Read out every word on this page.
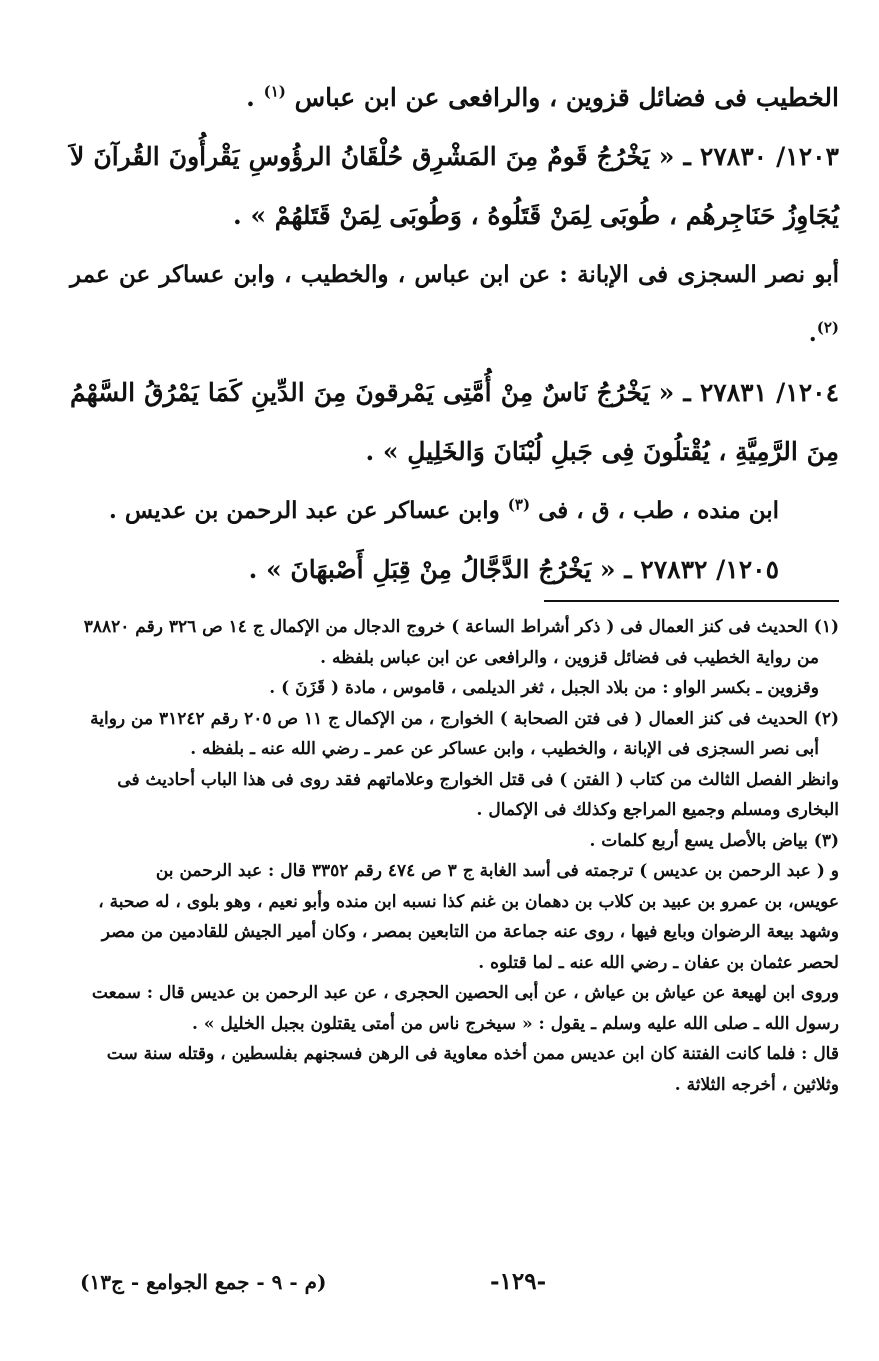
الخطيب فى فضائل قزوين ، والرافعى عن ابن عباس $^{(١)}$ .

١٢٠٣/ ٢٧٨٣٠ ـ « يَخْرُجُ قَومٌ مِنَ المَشْرِق حُلْقَانُ الرؤُوسِ يَقْرأُونَ القُرآنَ لاَ يُجَاوِزُ حَنَاجِرهُم ، طُوبَى لِمَنْ قَتَلُوهُ ، وَطُوبَى لِمَنْ قَتَلهُمْ » .

أبو نصر السجزى فى الإبانة : عن ابن عباس ، والخطيب ، وابن عساكر عن عمر $^{(٢)}$.

١٢٠٤/ ٢٧٨٣١ ـ « يَخْرُجُ نَاسٌ مِنْ أُمَّتِى يَمْرقونَ مِنَ الدِّينِ كَمَا يَمْرُقُ السَّهْمُ مِنَ الرَّمِيَّةِ ، يُقْتلُونَ فِى جَبلِ لُبْنَانَ وَالخَلِيلِ » .

ابن منده ، طب ، ق ، فى $^{(٣)}$ وابن عساكر عن عبد الرحمن بن عديس .

١٢٠٥/ ٢٧٨٣٢ ـ « يَخْرُجُ الدَّجَّالُ مِنْ قِبَلِ أَصْبهَانَ » .

(١) الحديث فى كنز العمال فى ( ذكر أشراط الساعة ) خروج الدجال من الإكمال ج ١٤ ص ٣٢٦ رقم ٣٨٨٢٠

من رواية الخطيب فى فضائل قزوين ، والرافعى عن ابن عباس بلفظه .

وقزوين ـ بكسر الواو : من بلاد الجبل ، ثغر الديلمى ، قاموس ، مادة ( قَزَنَ ) .

(٢) الحديث فى كنز العمال ( فى فتن الصحابة ) الخوارج ، من الإكمال ج ١١ ص ٢٠٥ رقم ٣١٢٤٢ من رواية

أبى نصر السجزى فى الإبانة ، والخطيب ، وابن عساكر عن عمر ـ رضي الله عنه ـ بلفظه .

وانظر الفصل الثالث من كتاب ( الفتن ) فى قتل الخوارج وعلاماتهم فقد روى فى هذا الباب أحاديث فى

البخارى ومسلم وجميع المراجع وكذلك فى الإكمال .

(٣) بياض بالأصل يسع أربع كلمات .

و ( عبد الرحمن بن عديس ) ترجمته فى أسد الغابة ج ٣ ص ٤٧٤ رقم ٣٣٥٢ قال : عبد الرحمن بن

عويس، بن عمرو بن عبيد بن كلاب بن دهمان بن غنم كذا نسبه ابن منده وأبو نعيم ، وهو بلوى ، له صحبة ،

وشهد بيعة الرضوان وبايع فيها ، روى عنه جماعة من التابعين بمصر ، وكان أمير الجيش للقادمين من مصر

لحصر عثمان بن عفان ـ رضي الله عنه ـ لما قتلوه .

وروى ابن لهيعة عن عياش بن عياش ، عن أبى الحصين الحجرى ، عن عبد الرحمن بن عديس قال : سمعت

رسول الله ـ صلى الله عليه وسلم ـ يقول : « سيخرج ناس من أمتى يقتلون بجبل الخليل » .

قال : فلما كانت الفتنة كان ابن عديس ممن أخذه معاوية فى الرهن فسجنهم بفلسطين ، وقتله سنة ست

وثلاثين ، أخرجه الثلاثة .

-١٢٩-
(م - ٩ - جمع الجوامع - ج١٣)
